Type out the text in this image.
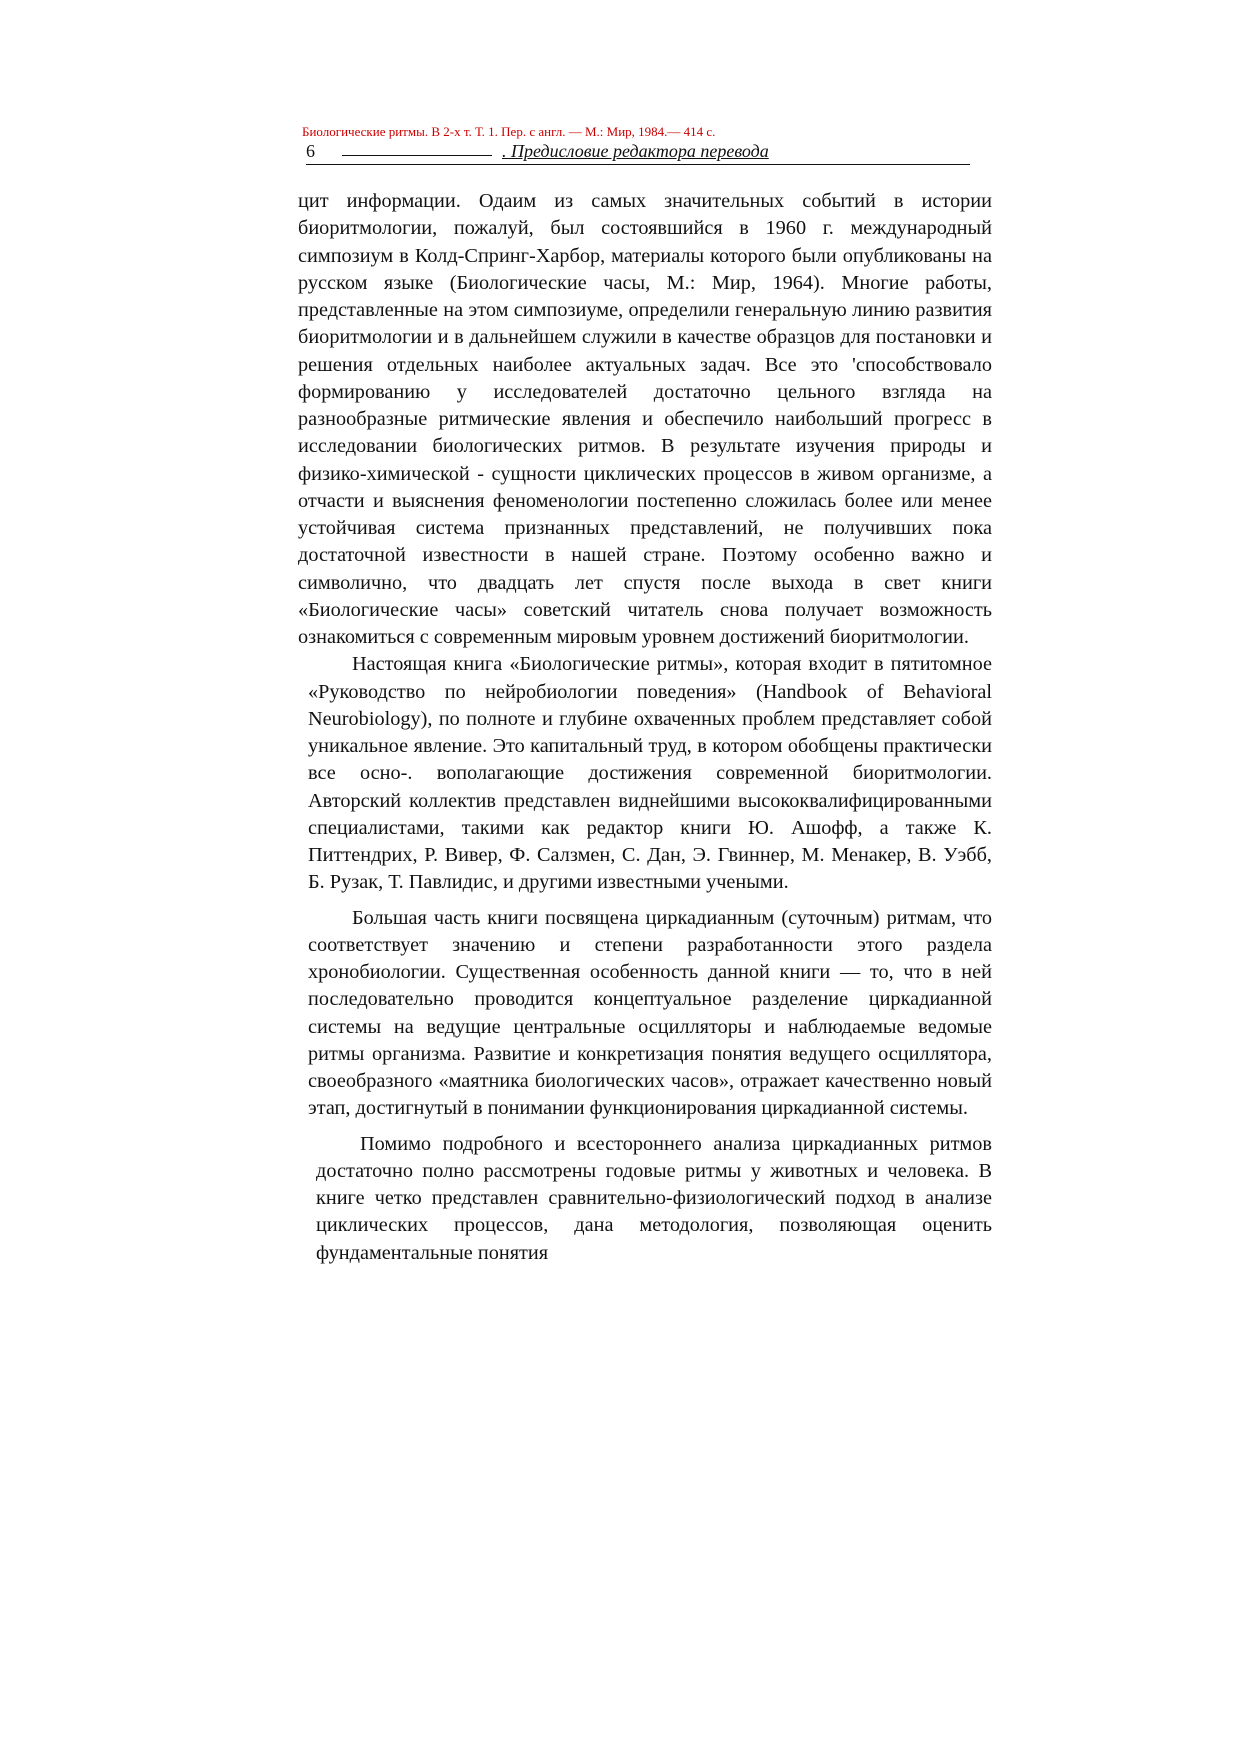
Биологические ритмы. В 2-х т. Т. 1. Пер. с англ. — М.: Мир, 1984.— 414 с.
6	. Предисловие редактора перевода

цит информации. Одаим из самых значительных событий в истории биоритмологии, пожалуй, был состоявшийся в 1960 г. международный симпозиум в Колд-Спринг-Харбор, материалы которого были опубликованы на русском языке (Биологические часы, М.: Мир, 1964). Многие работы, представленные на этом симпозиуме, определили генеральную линию развития биоритмологии и в дальнейшем служили в качестве образцов для постановки и решения отдельных наиболее актуальных задач. Все это 'способствовало формированию у исследователей достаточно цельного взгляда на разнообразные ритмические явления и обеспечило наибольший прогресс в исследовании биологических ритмов. В результате изучения природы и физико-химической - сущности циклических процессов в живом организме, а отчасти и выяснения феноменологии постепенно сложилась более или менее устойчивая система признанных представлений, не получивших пока достаточной известности в нашей стране. Поэтому особенно важно и символично, что двадцать лет спустя после выхода в свет книги «Биологические часы» советский читатель снова получает возможность ознакомиться с современным мировым уровнем достижений биоритмологии.

Настоящая книга «Биологические ритмы», которая входит в пятитомное «Руководство по нейробиологии поведения» (Handbook of Behavioral Neurobiology), по полноте и глубине охваченных проблем представляет собой уникальное явление. Это капитальный труд, в котором обобщены практически все осно-. вополагающие достижения современной биоритмологии. Авторский коллектив представлен виднейшими высококвалифицированными специалистами, такими как редактор книги Ю. Ашофф, а также К. Питтендрих, Р. Вивер, Ф. Салзмен, С. Дан, Э. Гвиннер, М. Менакер, В. Уэбб, Б. Рузак, Т. Павлидис, и другими известными учеными.

Большая часть книги посвящена циркадианным (суточным) ритмам, что соответствует значению и степени разработанности этого раздела хронобиологии. Существенная особенность данной книги — то, что в ней последовательно проводится концептуальное разделение циркадианной системы на ведущие центральные осцилляторы и наблюдаемые ведомые ритмы организма. Развитие и конкретизация понятия ведущего осциллятора, своеобразного «маятника биологических часов», отражает качественно новый этап, достигнутый в понимании функционирования циркадианной системы.

Помимо подробного и всестороннего анализа циркадианных ритмов достаточно полно рассмотрены годовые ритмы у животных и человека. В книге четко представлен сравнительно-физиологический подход в анализе циклических процессов, дана методология, позволяющая оценить фундаментальные понятия
